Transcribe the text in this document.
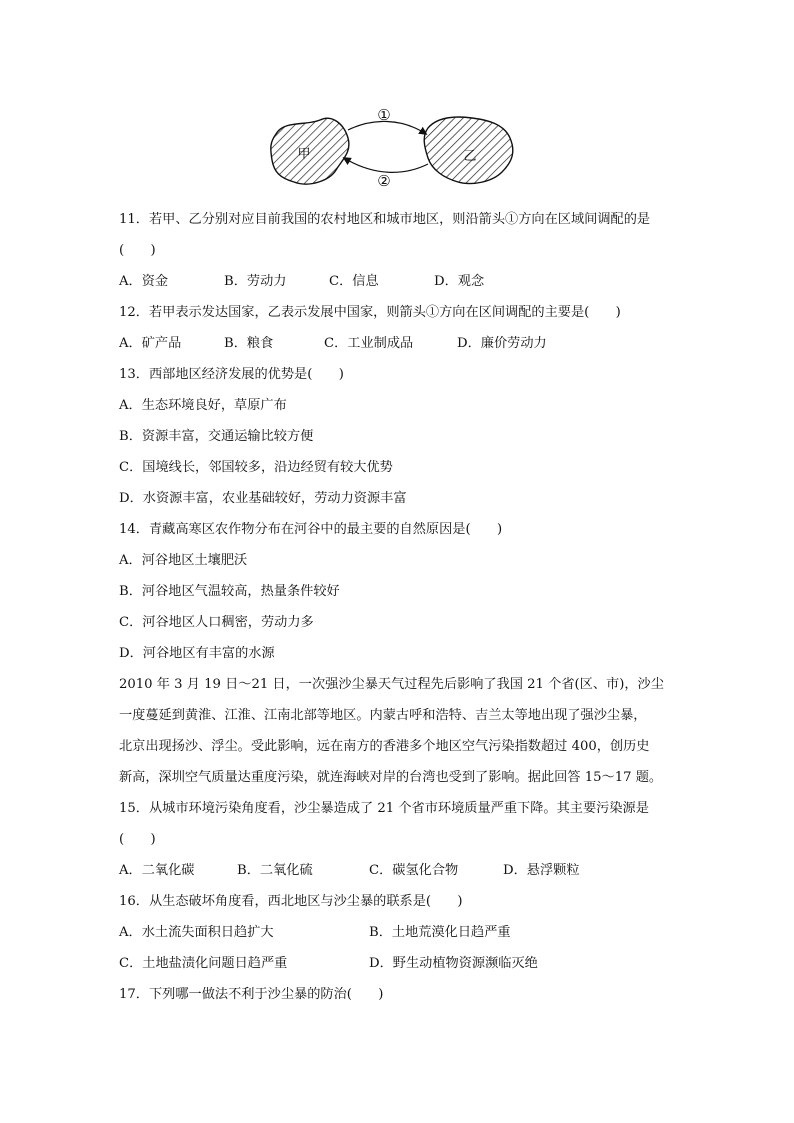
甲	乙
①
②
11．若甲、乙分别对应目前我国的农村地区和城市地区，则沿箭头①方向在区域间调配的是
(　　)
A．资金	B．劳动力	C．信息	D．观念
12．若甲表示发达国家，乙表示发展中国家，则箭头①方向在区间调配的主要是(　　)
A．矿产品	B．粮食	C．工业制成品	D．廉价劳动力
13．西部地区经济发展的优势是(　　)
A．生态环境良好，草原广布
B．资源丰富，交通运输比较方便
C．国境线长，邻国较多，沿边经贸有较大优势
D．水资源丰富，农业基础较好，劳动力资源丰富
14．青藏高寒区农作物分布在河谷中的最主要的自然原因是(　　)
A．河谷地区土壤肥沃
B．河谷地区气温较高，热量条件较好
C．河谷地区人口稠密，劳动力多
D．河谷地区有丰富的水源
2010 年 3 月 19 日～21 日，一次强沙尘暴天气过程先后影响了我国 21 个省(区、市)，沙尘
一度蔓延到黄淮、江淮、江南北部等地区。内蒙古呼和浩特、吉兰太等地出现了强沙尘暴，
北京出现扬沙、浮尘。受此影响，远在南方的香港多个地区空气污染指数超过 400，创历史
新高，深圳空气质量达重度污染，就连海峡对岸的台湾也受到了影响。据此回答 15～17 题。
15．从城市环境污染角度看，沙尘暴造成了 21 个省市环境质量严重下降。其主要污染源是
(　　)
A．二氧化碳	B．二氧化硫	C．碳氢化合物	D．悬浮颗粒
16．从生态破坏角度看，西北地区与沙尘暴的联系是(　　)
A．水土流失面积日趋扩大	B．土地荒漠化日趋严重
C．土地盐渍化问题日趋严重	D．野生动植物资源濒临灭绝
17．下列哪一做法不利于沙尘暴的防治(　　)
